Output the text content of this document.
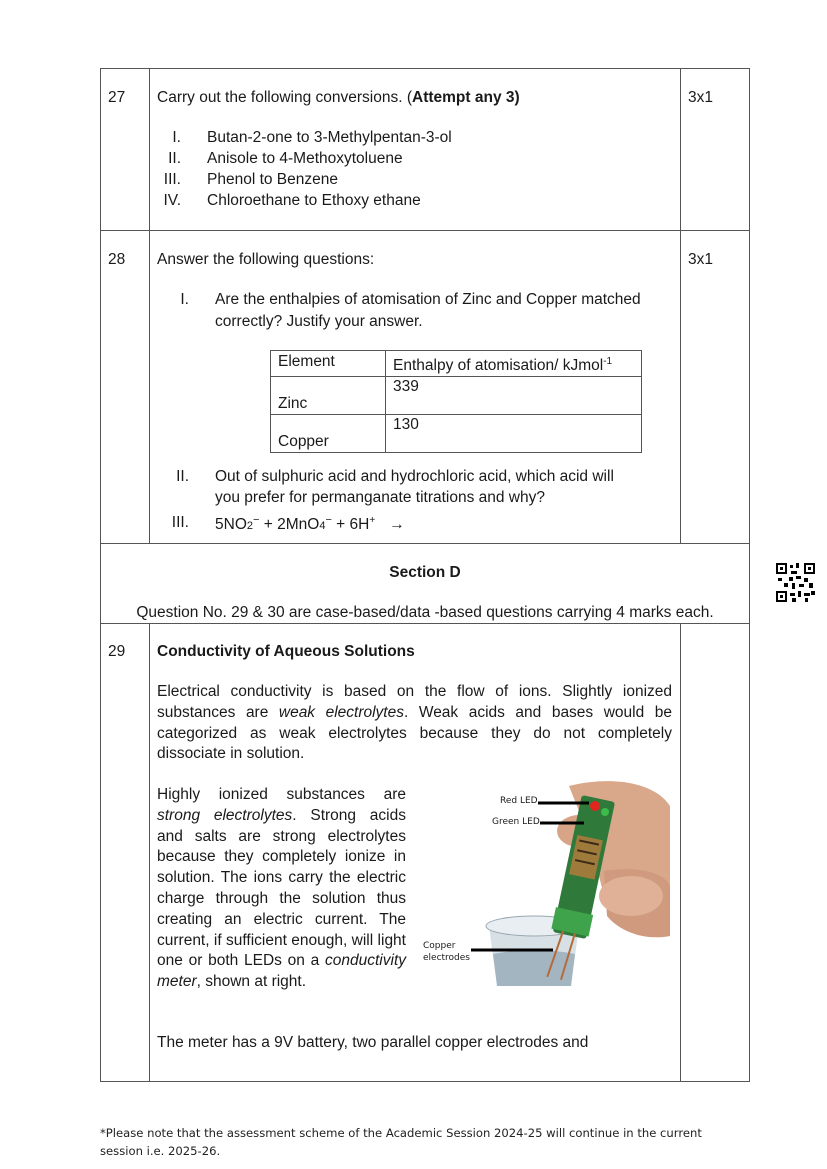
27 Carry out the following conversions. (Attempt any 3)	3x1
I. Butan-2-one to 3-Methylpentan-3-ol
II. Anisole to 4-Methoxytoluene
III. Phenol to Benzene
IV. Chloroethane to Ethoxy ethane
28 Answer the following questions:	3x1
I. Are the enthalpies of atomisation of Zinc and Copper matched
correctly? Justify your answer.
Element	Enthalpy of atomisation/ kJmol$^{-1}$
Zinc	339
Copper	130
II. Out of sulphuric acid and hydrochloric acid, which acid will
you prefer for permanganate titrations and why?
III. 5NO2− + 2MnO4− + 6H+ →
Section D
Question No. 29 & 30 are case-based/data -based questions carrying 4 marks each.
29 Conductivity of Aqueous Solutions
Electrical conductivity is based on the flow of ions. Slightly ionized substances are weak electrolytes. Weak acids and bases would be categorized as weak electrolytes because they do not completely dissociate in solution.
Highly ionized substances are strong electrolytes. Strong acids and salts are strong electrolytes because they completely ionize in solution. The ions carry the electric charge through the solution thus creating an electric current. The current, if sufficient enough, will light one or both LEDs on a conductivity meter, shown at right.
The meter has a 9V battery, two parallel copper electrodes and
Red LED
Green LED
Copper
electrodes
*Please note that the assessment scheme of the Academic Session 2024-25 will continue in the current
session i.e. 2025-26.
